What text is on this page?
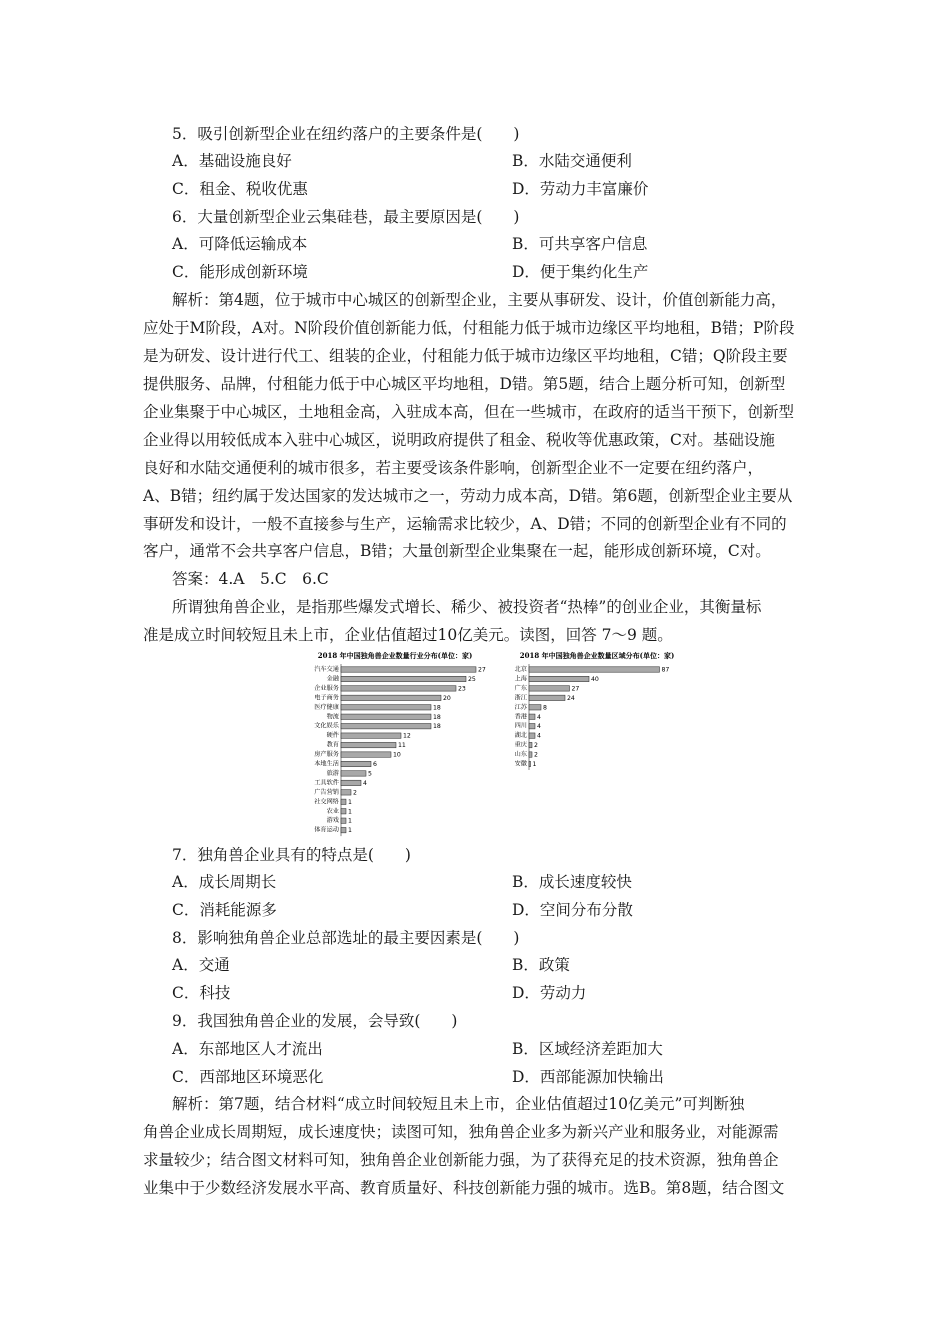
5．吸引创新型企业在纽约落户的主要条件是(　　)
A．基础设施良好	B．水陆交通便利
C．租金、税收优惠	D．劳动力丰富廉价
6．大量创新型企业云集硅巷，最主要原因是(　　)
A．可降低运输成本	B．可共享客户信息
C．能形成创新环境	D．便于集约化生产
解析：第4题，位于城市中心城区的创新型企业，主要从事研发、设计，价值创新能力高，
应处于M阶段，A对。N阶段价值创新能力低，付租能力低于城市边缘区平均地租，B错；P阶段
是为研发、设计进行代工、组装的企业，付租能力低于城市边缘区平均地租，C错；Q阶段主要
提供服务、品牌，付租能力低于中心城区平均地租，D错。第5题，结合上题分析可知，创新型
企业集聚于中心城区，土地租金高，入驻成本高，但在一些城市，在政府的适当干预下，创新型
企业得以用较低成本入驻中心城区，说明政府提供了租金、税收等优惠政策，C对。基础设施
良好和水陆交通便利的城市很多，若主要受该条件影响，创新型企业不一定要在纽约落户，
A、B错；纽约属于发达国家的发达城市之一，劳动力成本高，D错。第6题，创新型企业主要从
事研发和设计，一般不直接参与生产，运输需求比较少，A、D错；不同的创新型企业有不同的
客户，通常不会共享客户信息，B错；大量创新型企业集聚在一起，能形成创新环境，C对。
答案：4.A　5.C　6.C
所谓独角兽企业，是指那些爆发式增长、稀少、被投资者“热棒”的创业企业，其衡量标
准是成立时间较短且未上市，企业估值超过10亿美元。读图，回答 7～9 题。
2018 年中国独角兽企业数量行业分布(单位：家)
汽车交通	27
金融	25
企业服务	23
电子商务	20
医疗健康	18
物流	18
文化娱乐	18
硬件	12
教育	11
房产服务	10
本地生活	6
旅游	5
工具软件	4
广告营销 2
社交网络 1
农业 1
游戏 1
体育运动 1
2018 年中国独角兽企业数量区域分布(单位：家)
北京	87
上海	40
广东	27
浙江	24
江苏	8
香港 4
四川 4
湖北 4
重庆 2
山东 2
安徽 1
7．独角兽企业具有的特点是(　　)
A．成长周期长	B．成长速度较快
C．消耗能源多	D．空间分布分散
8．影响独角兽企业总部选址的最主要因素是(　　)
A．交通	B．政策
C．科技	D．劳动力
9．我国独角兽企业的发展，会导致(　　)
A．东部地区人才流出	B．区域经济差距加大
C．西部地区环境恶化	D．西部能源加快输出
解析：第7题，结合材料“成立时间较短且未上市，企业估值超过10亿美元”可判断独
角兽企业成长周期短，成长速度快；读图可知，独角兽企业多为新兴产业和服务业，对能源需
求量较少；结合图文材料可知，独角兽企业创新能力强，为了获得充足的技术资源，独角兽企
业集中于少数经济发展水平高、教育质量好、科技创新能力强的城市。选B。第8题，结合图文
